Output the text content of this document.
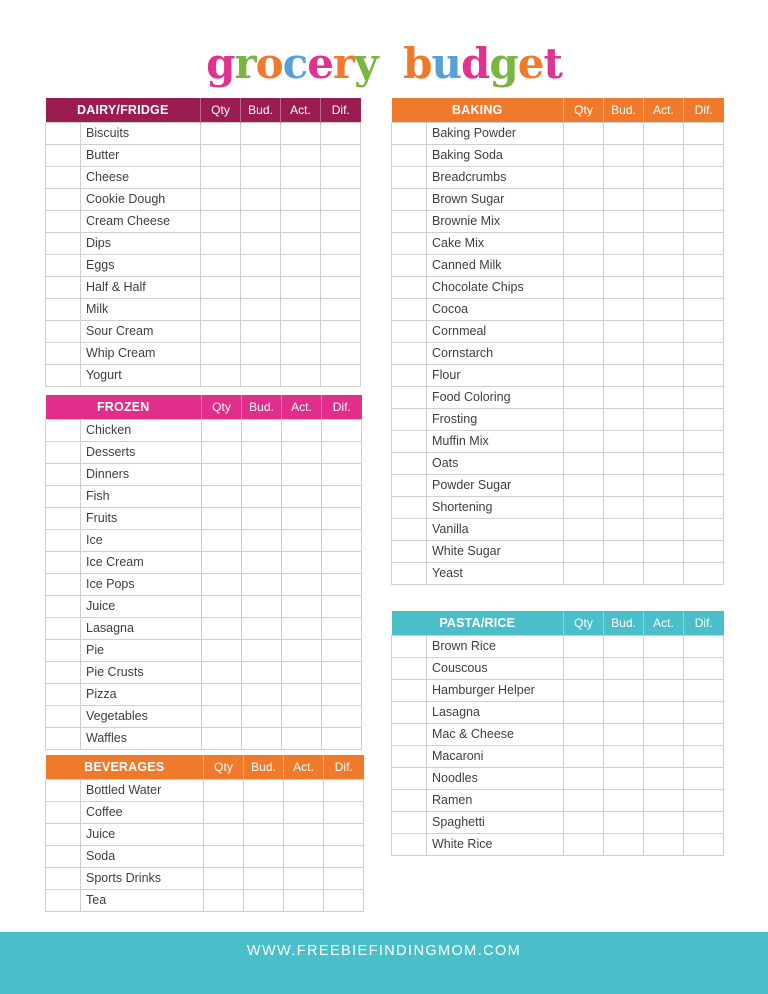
grocery budget
DAIRY/FRIDGE	Qty	Bud.	Act.	Dif.

Biscuits				

Butter				

Cheese				

Cookie Dough				

Cream Cheese				

Dips				

Eggs				

Half & Half				

Milk				

Sour Cream				

Whip Cream				

Yogurt				

FROZEN	Qty	Bud.	Act.	Dif.

Chicken				

Desserts				

Dinners				

Fish				

Fruits				

Ice				

Ice Cream				

Ice Pops				

Juice				

Lasagna				

Pie				

Pie Crusts				

Pizza				

Vegetables				

Waffles				

BEVERAGES	Qty	Bud.	Act.	Dif.

Bottled Water				

Coffee				

Juice				

Soda				

Sports Drinks				

Tea				

BAKING	Qty	Bud.	Act.	Dif.

Baking Powder				

Baking Soda				

Breadcrumbs				

Brown Sugar				

Brownie Mix				

Cake Mix				

Canned Milk				

Chocolate Chips				

Cocoa				

Cornmeal				

Cornstarch				

Flour				

Food Coloring				

Frosting				

Muffin Mix				

Oats				

Powder Sugar				

Shortening				

Vanilla				

White Sugar				

Yeast				

PASTA/RICE	Qty	Bud.	Act.	Dif.

Brown Rice				

Couscous				

Hamburger Helper				

Lasagna				

Mac & Cheese				

Macaroni				

Noodles				

Ramen				

Spaghetti				

White Rice				

WWW.FREEBIEFINDINGMOM.COM
